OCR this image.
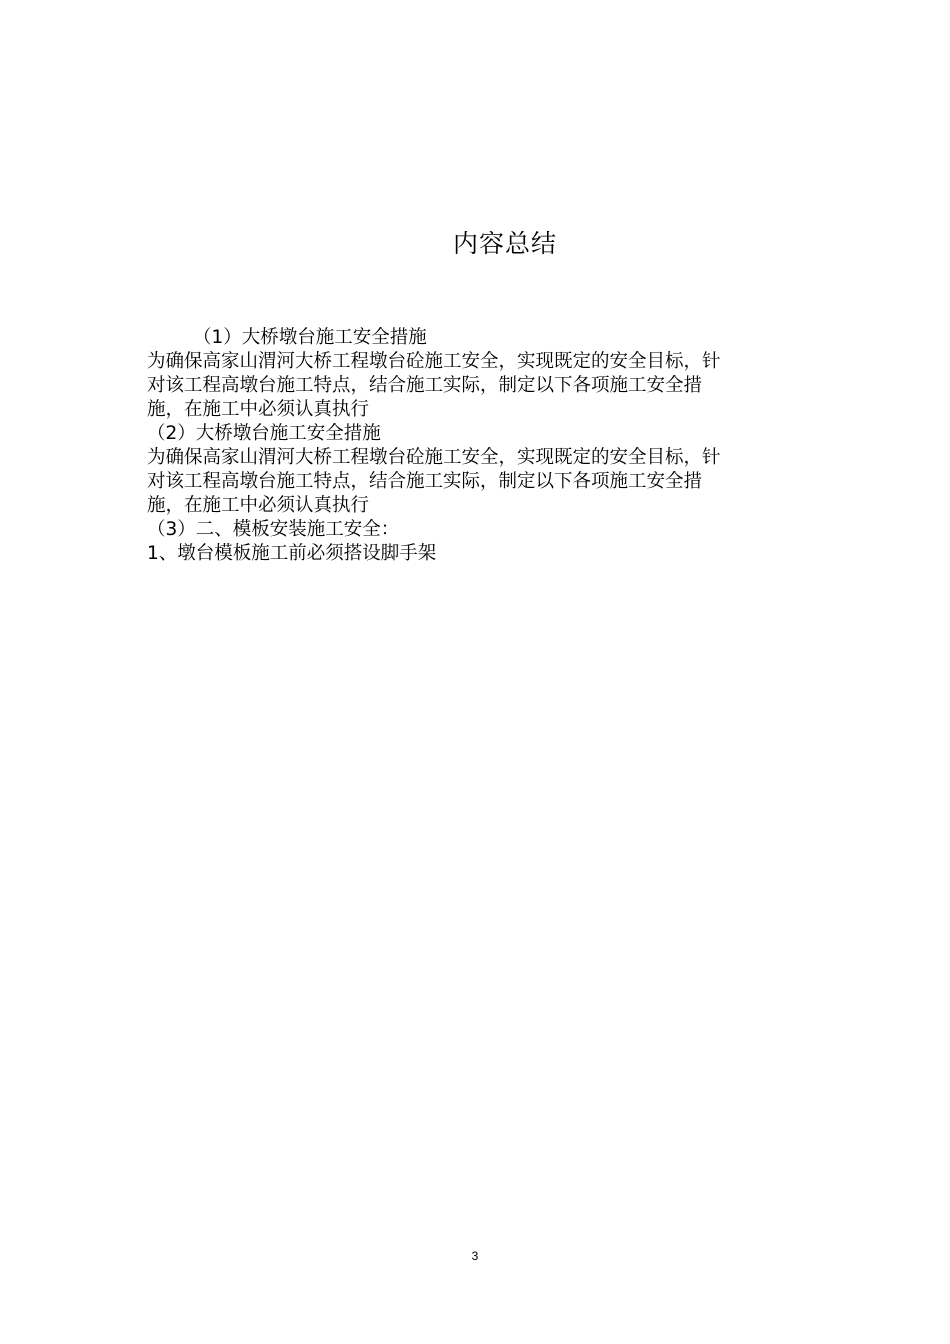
内容总结
（1）大桥墩台施工安全措施
为确保高家山渭河大桥工程墩台砼施工安全，实现既定的安全目标，针
对该工程高墩台施工特点，结合施工实际，制定以下各项施工安全措
施，在施工中必须认真执行
（2）大桥墩台施工安全措施
为确保高家山渭河大桥工程墩台砼施工安全，实现既定的安全目标，针
对该工程高墩台施工特点，结合施工实际，制定以下各项施工安全措
施，在施工中必须认真执行
（3）二、模板安装施工安全：
1、墩台模板施工前必须搭设脚手架
3
